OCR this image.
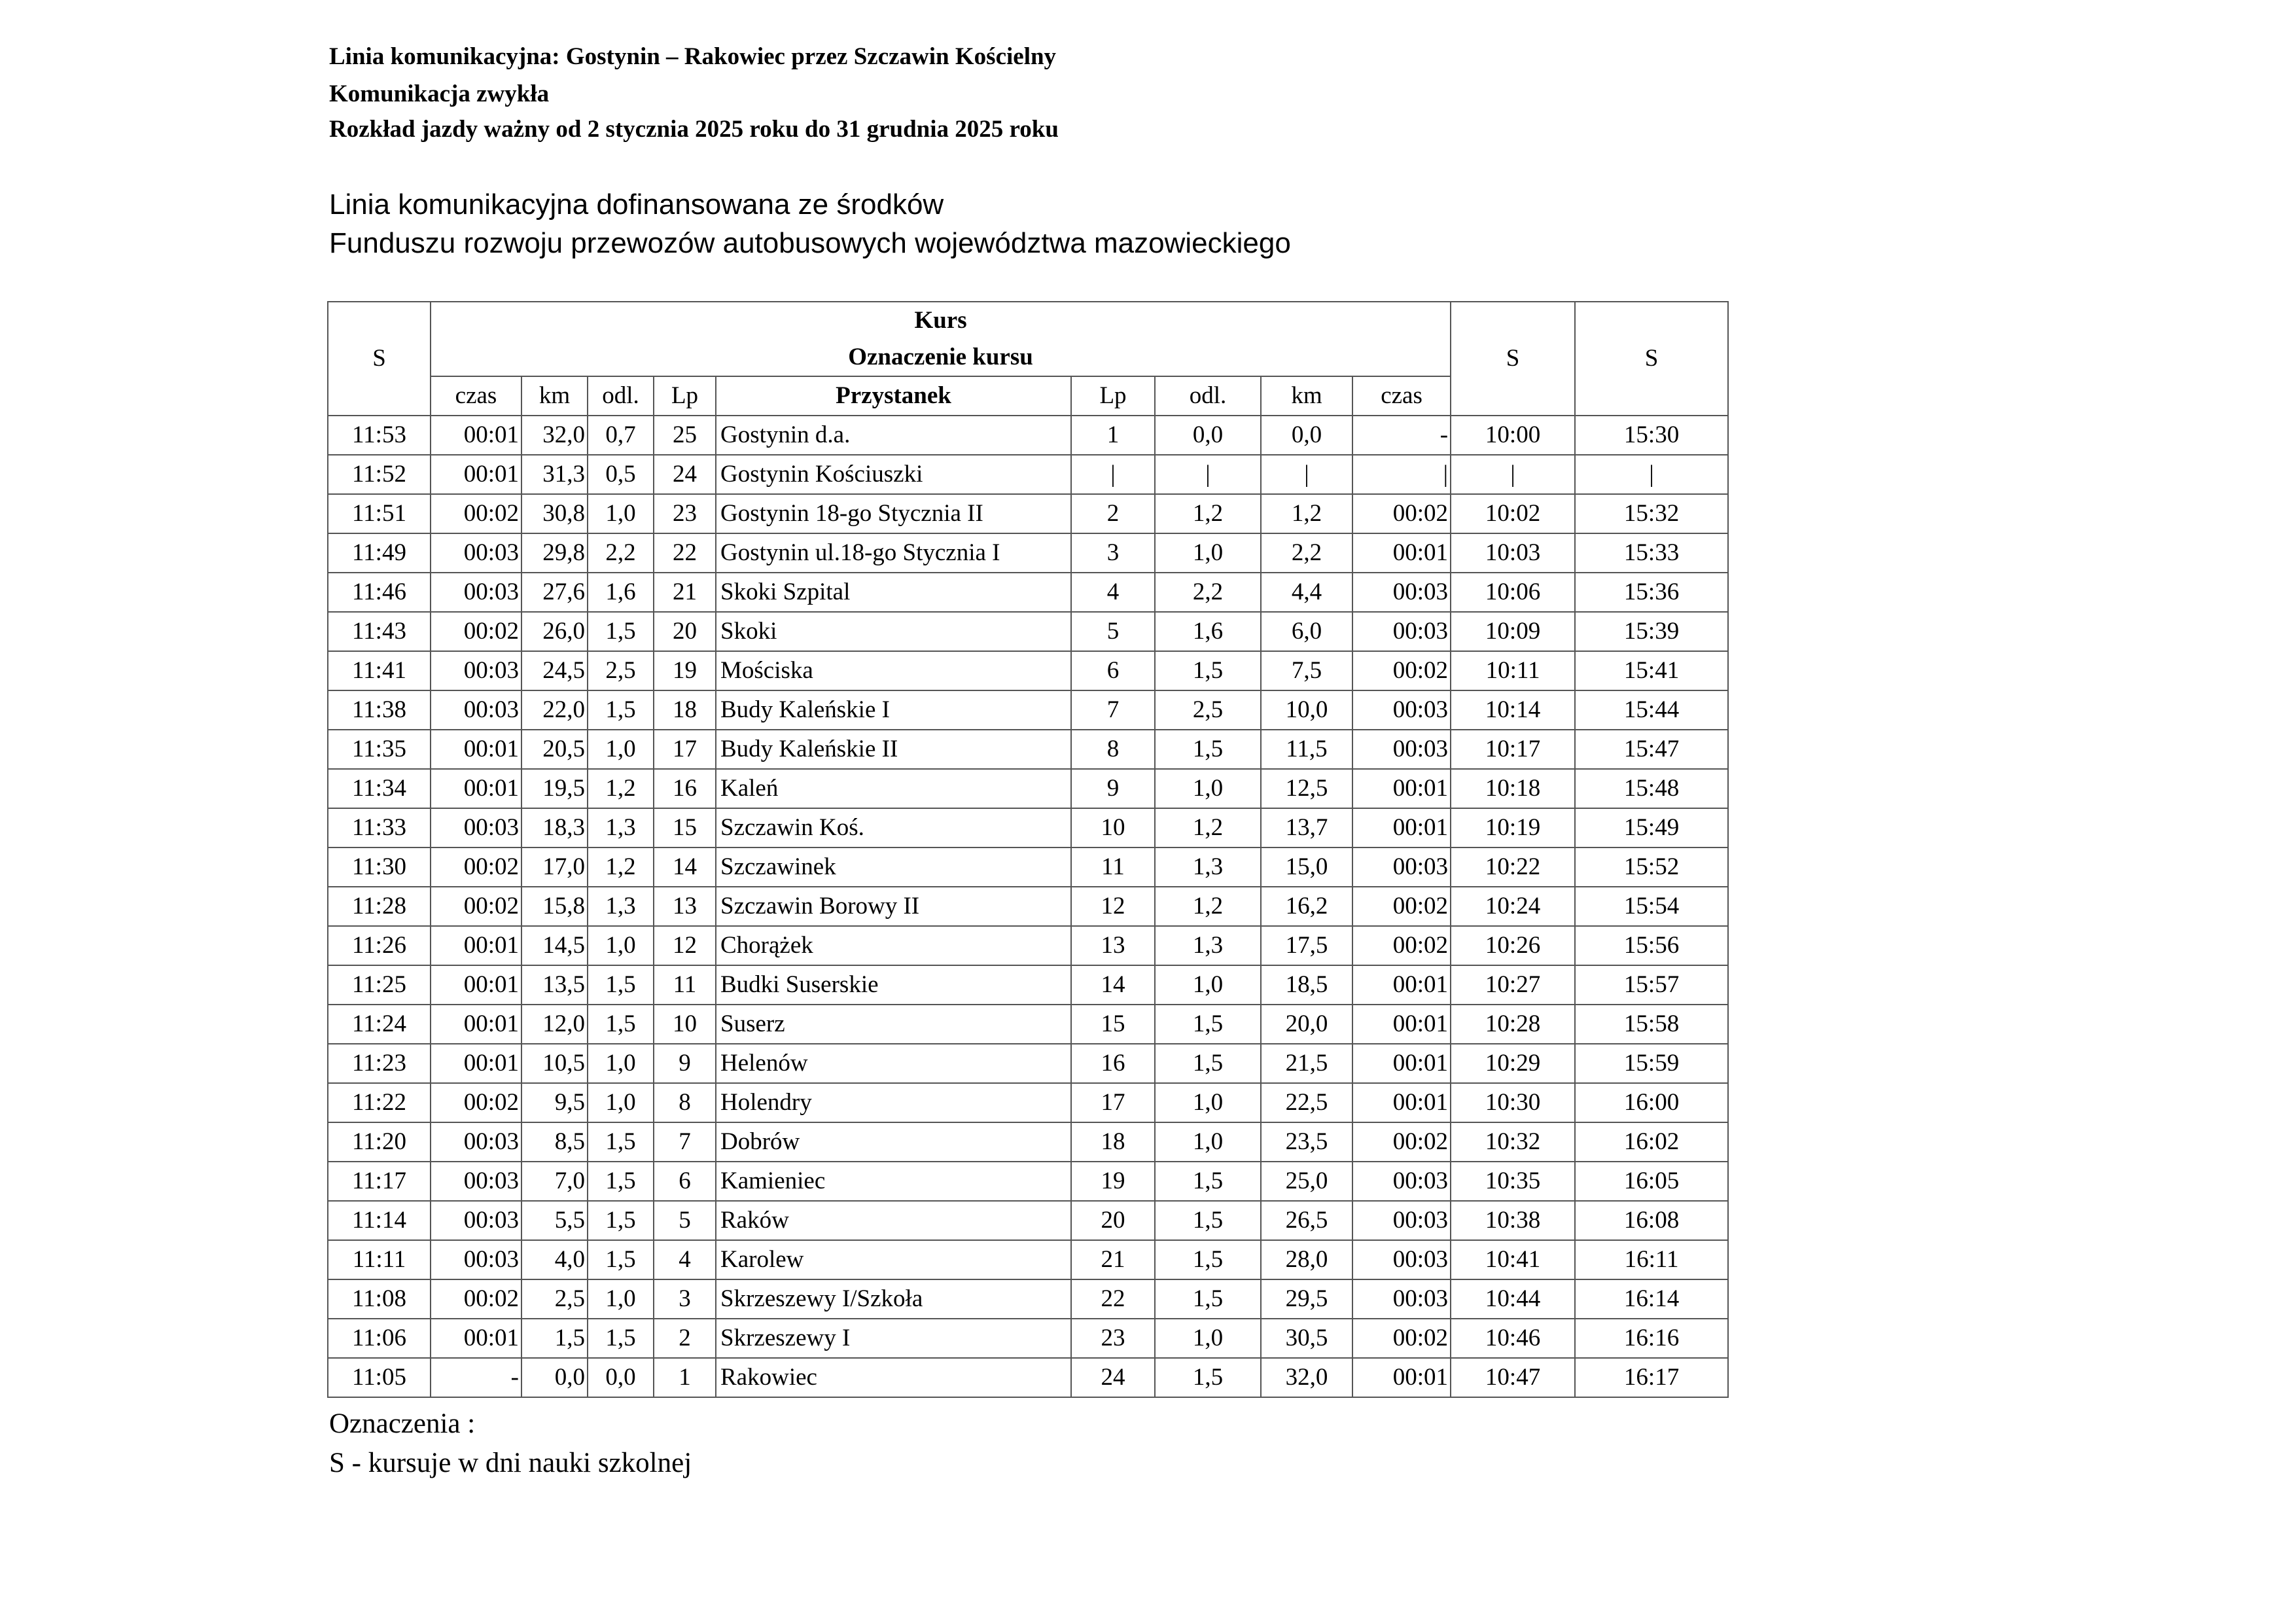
Linia komunikacyjna: Gostynin – Rakowiec przez Szczawin Kościelny
Komunikacja zwykła
Rozkład jazdy ważny od 2 stycznia 2025 roku do 31 grudnia 2025 roku
Linia komunikacyjna dofinansowana ze środków
Funduszu rozwoju przewozów autobusowych województwa mazowieckiego
S	Kurs									S	S
	Oznaczenie kursu										
	czas	km	odl.	Lp	Przystanek	Lp	odl.	km	czas		
11:53	00:01	32,0	0,7	25	Gostynin d.a.	1	0,0	0,0	-	10:00	15:30
11:52	00:01	31,3	0,5	24	Gostynin Kościuszki	|	|	|	|	|	|
11:51	00:02	30,8	1,0	23	Gostynin 18-go Stycznia II	2	1,2	1,2	00:02	10:02	15:32
11:49	00:03	29,8	2,2	22	Gostynin ul.18-go Stycznia I	3	1,0	2,2	00:01	10:03	15:33
11:46	00:03	27,6	1,6	21	Skoki Szpital	4	2,2	4,4	00:03	10:06	15:36
11:43	00:02	26,0	1,5	20	Skoki	5	1,6	6,0	00:03	10:09	15:39
11:41	00:03	24,5	2,5	19	Mościska	6	1,5	7,5	00:02	10:11	15:41
11:38	00:03	22,0	1,5	18	Budy Kaleńskie I	7	2,5	10,0	00:03	10:14	15:44
11:35	00:01	20,5	1,0	17	Budy Kaleńskie II	8	1,5	11,5	00:03	10:17	15:47
11:34	00:01	19,5	1,2	16	Kaleń	9	1,0	12,5	00:01	10:18	15:48
11:33	00:03	18,3	1,3	15	Szczawin Koś.	10	1,2	13,7	00:01	10:19	15:49
11:30	00:02	17,0	1,2	14	Szczawinek	11	1,3	15,0	00:03	10:22	15:52
11:28	00:02	15,8	1,3	13	Szczawin Borowy II	12	1,2	16,2	00:02	10:24	15:54
11:26	00:01	14,5	1,0	12	Chorążek	13	1,3	17,5	00:02	10:26	15:56
11:25	00:01	13,5	1,5	11	Budki Suserskie	14	1,0	18,5	00:01	10:27	15:57
11:24	00:01	12,0	1,5	10	Suserz	15	1,5	20,0	00:01	10:28	15:58
11:23	00:01	10,5	1,0	9	Helenów	16	1,5	21,5	00:01	10:29	15:59
11:22	00:02	9,5	1,0	8	Holendry	17	1,0	22,5	00:01	10:30	16:00
11:20	00:03	8,5	1,5	7	Dobrów	18	1,0	23,5	00:02	10:32	16:02
11:17	00:03	7,0	1,5	6	Kamieniec	19	1,5	25,0	00:03	10:35	16:05
11:14	00:03	5,5	1,5	5	Raków	20	1,5	26,5	00:03	10:38	16:08
11:11	00:03	4,0	1,5	4	Karolew	21	1,5	28,0	00:03	10:41	16:11
11:08	00:02	2,5	1,0	3	Skrzeszewy I/Szkoła	22	1,5	29,5	00:03	10:44	16:14
11:06	00:01	1,5	1,5	2	Skrzeszewy I	23	1,0	30,5	00:02	10:46	16:16
11:05	-	0,0	0,0	1	Rakowiec	24	1,5	32,0	00:01	10:47	16:17
Oznaczenia :
S - kursuje w dni nauki szkolnej
